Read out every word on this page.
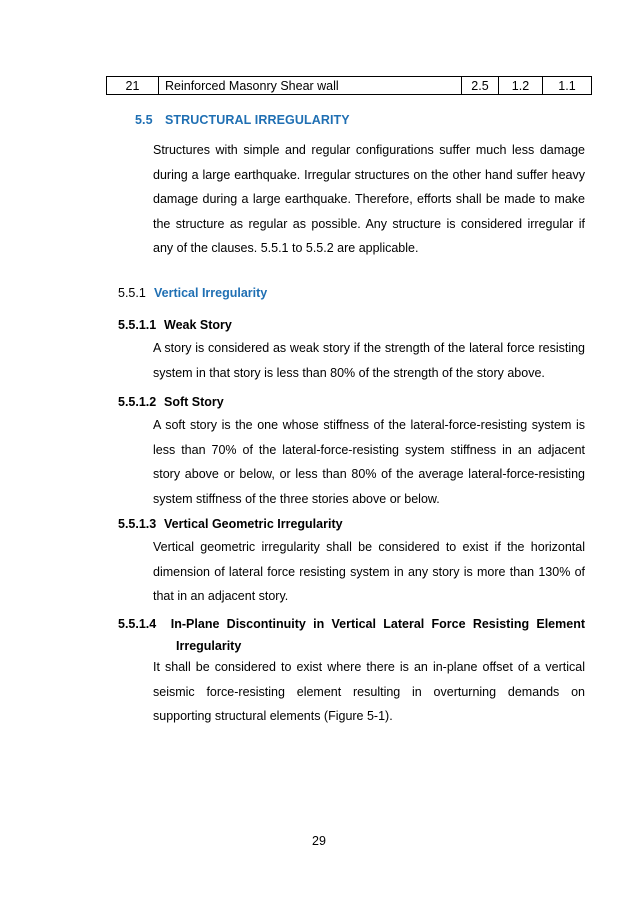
21	Reinforced Masonry Shear wall	2.5	1.2	1.1
5.5 STRUCTURAL IRREGULARITY
Structures with simple and regular configurations suffer much less damage
during a large earthquake. Irregular structures on the other hand suffer heavy
damage during a large earthquake. Therefore, efforts shall be made to make
the structure as regular as possible. Any structure is considered irregular if
any of the clauses. 5.5.1 to 5.5.2 are applicable.
5.5.1 Vertical Irregularity
5.5.1.1 Weak Story
A story is considered as weak story if the strength of the lateral force resisting
system in that story is less than 80% of the strength of the story above.
5.5.1.2 Soft Story
A soft story is the one whose stiffness of the lateral-force-resisting system is
less than 70% of the lateral-force-resisting system stiffness in an adjacent
story above or below, or less than 80% of the average lateral-force-resisting
system stiffness of the three stories above or below.
5.5.1.3 Vertical Geometric Irregularity
Vertical geometric irregularity shall be considered to exist if the horizontal
dimension of lateral force resisting system in any story is more than 130% of
that in an adjacent story.
5.5.1.4 In-Plane Discontinuity in Vertical Lateral Force Resisting Element
Irregularity
It shall be considered to exist where there is an in-plane offset of a vertical
seismic force-resisting element resulting in overturning demands on
supporting structural elements (Figure 5-1).
29
